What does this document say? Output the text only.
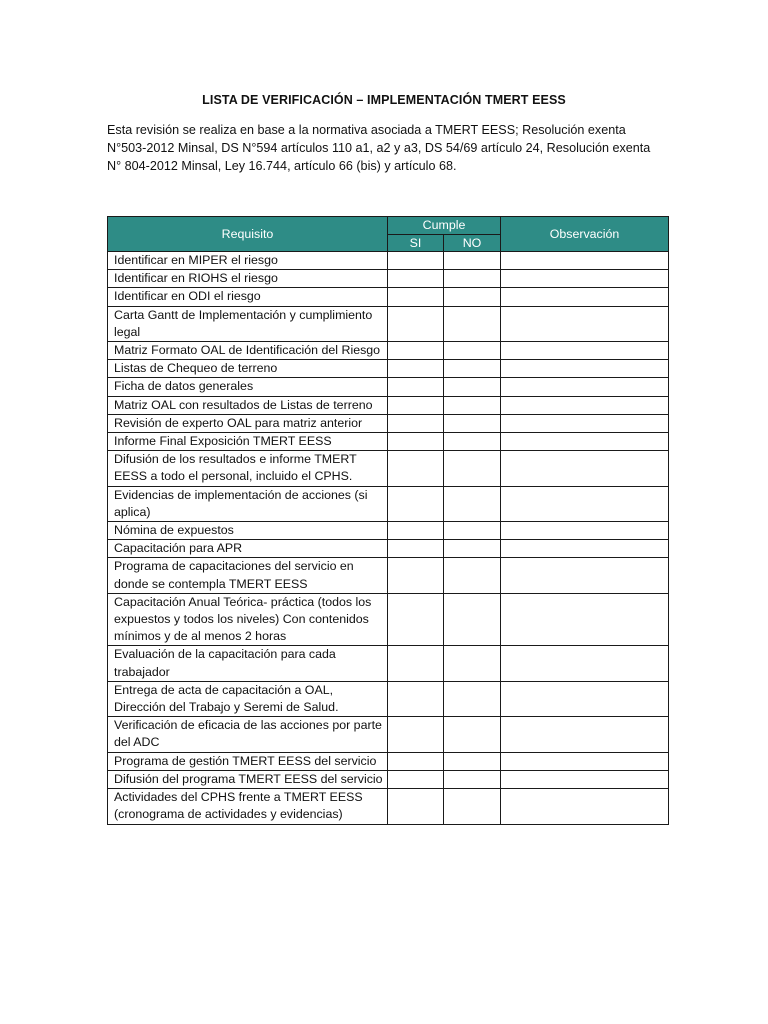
LISTA DE VERIFICACIÓN – IMPLEMENTACIÓN TMERT EESS
Esta revisión se realiza en base a la normativa asociada a TMERT EESS; Resolución exenta N°503-2012 Minsal, DS N°594 artículos 110 a1, a2 y a3, DS 54/69 artículo 24, Resolución exenta N° 804-2012 Minsal, Ley 16.744, artículo 66 (bis) y artículo 68.
Requisito	Cumple		Observación
	SI	NO	
Identificar en MIPER el riesgo			
Identificar en RIOHS el riesgo			
Identificar en ODI el riesgo			
Carta Gantt de Implementación y cumplimiento legal			
Matriz Formato OAL de Identificación del Riesgo			
Listas de Chequeo de terreno			
Ficha de datos generales			
Matriz OAL con resultados de Listas de terreno			
Revisión de experto OAL para matriz anterior			
Informe Final Exposición TMERT EESS			
Difusión de los resultados e informe TMERT EESS a todo el personal, incluido el CPHS.			
Evidencias de implementación de acciones (si aplica)			
Nómina de expuestos			
Capacitación para APR			
Programa de capacitaciones del servicio en donde se contempla TMERT EESS			
Capacitación Anual Teórica- práctica (todos los expuestos y todos los niveles) Con contenidos mínimos y de al menos 2 horas			
Evaluación de la capacitación para cada trabajador			
Entrega de acta de capacitación a OAL, Dirección del Trabajo y Seremi de Salud.			
Verificación de eficacia de las acciones por parte del ADC			
Programa de gestión TMERT EESS del servicio			
Difusión del programa TMERT EESS del servicio			
Actividades del CPHS frente a TMERT EESS (cronograma de actividades y evidencias)			
